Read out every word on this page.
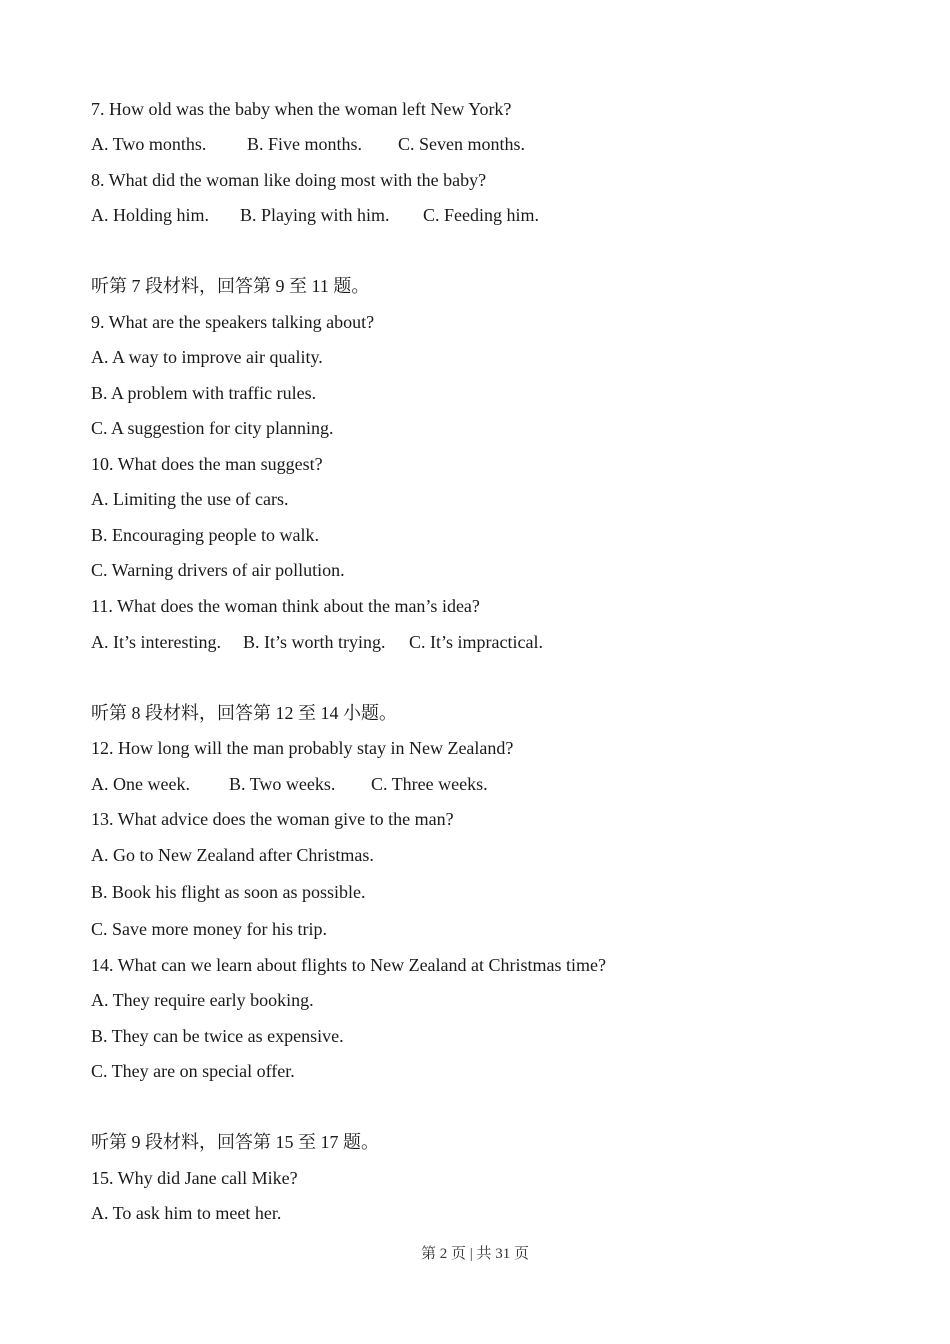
7. How old was the baby when the woman left New York?
A. Two months. B. Five months. C. Seven months.
8. What did the woman like doing most with the baby?
A. Holding him. B. Playing with him. C. Feeding him.
听第 7 段材料，回答第 9 至 11 题。
9. What are the speakers talking about?
A. A way to improve air quality.
B. A problem with traffic rules.
C. A suggestion for city planning.
10. What does the man suggest?
A. Limiting the use of cars.
B. Encouraging people to walk.
C. Warning drivers of air pollution.
11. What does the woman think about the man’s idea?
A. It’s interesting. B. It’s worth trying. C. It’s impractical.
听第 8 段材料，回答第 12 至 14 小题。
12. How long will the man probably stay in New Zealand?
A. One week. B. Two weeks. C. Three weeks.
13. What advice does the woman give to the man?
A. Go to New Zealand after Christmas.
B. Book his flight as soon as possible.
C. Save more money for his trip.
14. What can we learn about flights to New Zealand at Christmas time?
A. They require early booking.
B. They can be twice as expensive.
C. They are on special offer.
听第 9 段材料，回答第 15 至 17 题。
15. Why did Jane call Mike?
A. To ask him to meet her.
第 2 页 | 共 31 页
